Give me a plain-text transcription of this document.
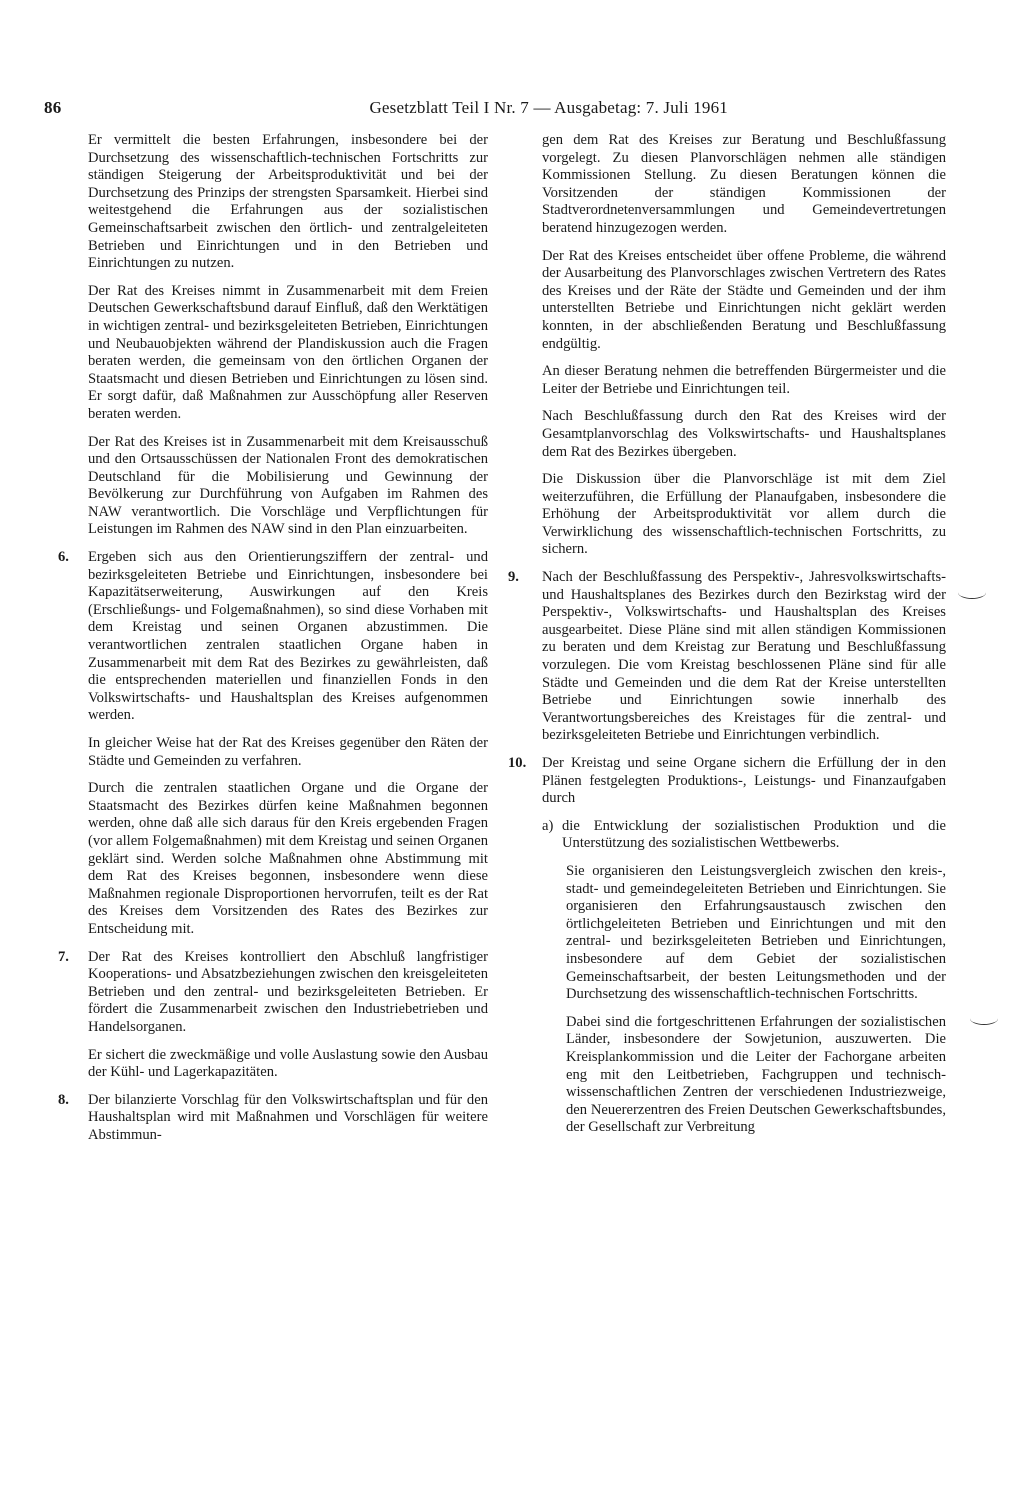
86	Gesetzblatt Teil I Nr. 7 — Ausgabetag: 7. Juli 1961

Er vermittelt die besten Erfahrungen, insbesondere bei der Durchsetzung des wissenschaftlich-technischen Fortschritts zur ständigen Steigerung der Arbeitsproduktivität und bei der Durchsetzung des Prinzips der strengsten Sparsamkeit. Hierbei sind weitestgehend die Erfahrungen aus der sozialistischen Gemeinschaftsarbeit zwischen den örtlich- und zentralgeleiteten Betrieben und Einrichtungen und in den Betrieben und Einrichtungen zu nutzen.

Der Rat des Kreises nimmt in Zusammenarbeit mit dem Freien Deutschen Gewerkschaftsbund darauf Einfluß, daß den Werktätigen in wichtigen zentral- und bezirksgeleiteten Betrieben, Einrichtungen und Neubauobjekten während der Plandiskussion auch die Fragen beraten werden, die gemeinsam von den örtlichen Organen der Staatsmacht und diesen Betrieben und Einrichtungen zu lösen sind. Er sorgt dafür, daß Maßnahmen zur Ausschöpfung aller Reserven beraten werden.

Der Rat des Kreises ist in Zusammenarbeit mit dem Kreisausschuß und den Ortsausschüssen der Nationalen Front des demokratischen Deutschland für die Mobilisierung und Gewinnung der Bevölkerung zur Durchführung von Aufgaben im Rahmen des NAW verantwortlich. Die Vorschläge und Verpflichtungen für Leistungen im Rahmen des NAW sind in den Plan einzuarbeiten.

6. Ergeben sich aus den Orientierungsziffern der zentral- und bezirksgeleiteten Betriebe und Einrichtungen, insbesondere bei Kapazitätserweiterung, Auswirkungen auf den Kreis (Erschließungs- und Folgemaßnahmen), so sind diese Vorhaben mit dem Kreistag und seinen Organen abzustimmen. Die verantwortlichen zentralen staatlichen Organe haben in Zusammenarbeit mit dem Rat des Bezirkes zu gewährleisten, daß die entsprechenden materiellen und finanziellen Fonds in den Volkswirtschafts- und Haushaltsplan des Kreises aufgenommen werden.

In gleicher Weise hat der Rat des Kreises gegenüber den Räten der Städte und Gemeinden zu verfahren.

Durch die zentralen staatlichen Organe und die Organe der Staatsmacht des Bezirkes dürfen keine Maßnahmen begonnen werden, ohne daß alle sich daraus für den Kreis ergebenden Fragen (vor allem Folgemaßnahmen) mit dem Kreistag und seinen Organen geklärt sind. Werden solche Maßnahmen ohne Abstimmung mit dem Rat des Kreises begonnen, insbesondere wenn diese Maßnahmen regionale Disproportionen hervorrufen, teilt es der Rat des Kreises dem Vorsitzenden des Rates des Bezirkes zur Entscheidung mit.

7. Der Rat des Kreises kontrolliert den Abschluß langfristiger Kooperations- und Absatzbeziehungen zwischen den kreisgeleiteten Betrieben und den zentral- und bezirksgeleiteten Betrieben. Er fördert die Zusammenarbeit zwischen den Industriebetrieben und Handelsorganen.

Er sichert die zweckmäßige und volle Auslastung sowie den Ausbau der Kühl- und Lagerkapazitäten.

8. Der bilanzierte Vorschlag für den Volkswirtschaftsplan und für den Haushaltsplan wird mit Maßnahmen und Vorschlägen für weitere Abstimmun-

gen dem Rat des Kreises zur Beratung und Beschlußfassung vorgelegt. Zu diesen Planvorschlägen nehmen alle ständigen Kommissionen Stellung. Zu diesen Beratungen können die Vorsitzenden der ständigen Kommissionen der Stadtverordnetenversammlungen und Gemeindevertretungen beratend hinzugezogen werden.

Der Rat des Kreises entscheidet über offene Probleme, die während der Ausarbeitung des Planvorschlages zwischen Vertretern des Rates des Kreises und der Räte der Städte und Gemeinden und der ihm unterstellten Betriebe und Einrichtungen nicht geklärt werden konnten, in der abschließenden Beratung und Beschlußfassung endgültig.

An dieser Beratung nehmen die betreffenden Bürgermeister und die Leiter der Betriebe und Einrichtungen teil.

Nach Beschlußfassung durch den Rat des Kreises wird der Gesamtplanvorschlag des Volkswirtschafts- und Haushaltsplanes dem Rat des Bezirkes übergeben.

Die Diskussion über die Planvorschläge ist mit dem Ziel weiterzuführen, die Erfüllung der Planaufgaben, insbesondere die Erhöhung der Arbeitsproduktivität vor allem durch die Verwirklichung des wissenschaftlich-technischen Fortschritts, zu sichern.

9. Nach der Beschlußfassung des Perspektiv-, Jahresvolkswirtschafts- und Haushaltsplanes des Bezirkes durch den Bezirkstag wird der Perspektiv-, Volkswirtschafts- und Haushaltsplan des Kreises ausgearbeitet. Diese Pläne sind mit allen ständigen Kommissionen zu beraten und dem Kreistag zur Beratung und Beschlußfassung vorzulegen. Die vom Kreistag beschlossenen Pläne sind für alle Städte und Gemeinden und die dem Rat der Kreise unterstellten Betriebe und Einrichtungen sowie innerhalb des Verantwortungsbereiches des Kreistages für die zentral- und bezirksgeleiteten Betriebe und Einrichtungen verbindlich.
10. Der Kreistag und seine Organe sichern die Erfüllung der in den Plänen festgelegten Produktions-, Leistungs- und Finanzaufgaben durch
a) die Entwicklung der sozialistischen Produktion und die Unterstützung des sozialistischen Wettbewerbs.

Sie organisieren den Leistungsvergleich zwischen den kreis-, stadt- und gemeindegeleiteten Betrieben und Einrichtungen. Sie organisieren den Erfahrungsaustausch zwischen den örtlichgeleiteten Betrieben und Einrichtungen und mit den zentral- und bezirksgeleiteten Betrieben und Einrichtungen, insbesondere auf dem Gebiet der sozialistischen Gemeinschaftsarbeit, der besten Leitungsmethoden und der Durchsetzung des wissenschaftlich-technischen Fortschritts.

Dabei sind die fortgeschrittenen Erfahrungen der sozialistischen Länder, insbesondere der Sowjetunion, auszuwerten. Die Kreisplankommission und die Leiter der Fachorgane arbeiten eng mit den Leitbetrieben, Fachgruppen und technisch-wissenschaftlichen Zentren der verschiedenen Industriezweige, den Neuererzentren des Freien Deutschen Gewerkschaftsbundes, der Gesellschaft zur Verbreitung
